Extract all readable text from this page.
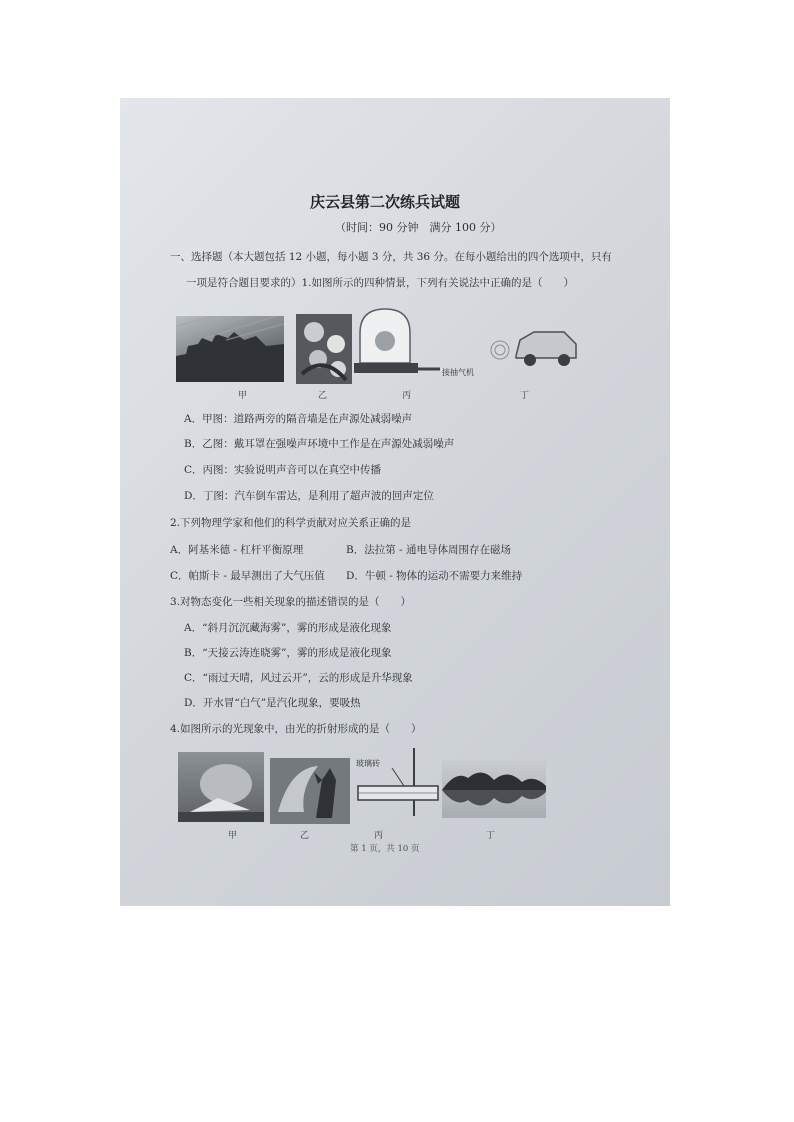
庆云县第二次练兵试题
（时间：90 分钟　满分 100 分）
一、选择题（本大题包括 12 小题，每小题 3 分，共 36 分。在每小题给出的四个选项中，只有
一项是符合题目要求的）1.如图所示的四种情景，下列有关说法中正确的是（　　）
接抽气机
甲	乙	丙	丁
A．甲图：道路两旁的隔音墙是在声源处减弱噪声
B．乙图：戴耳罩在强噪声环境中工作是在声源处减弱噪声
C．丙图：实验说明声音可以在真空中传播
D．丁图：汽车倒车雷达，是利用了超声波的回声定位
2.下列物理学家和他们的科学贡献对应关系正确的是
A．阿基米德 - 杠杆平衡原理	B．法拉第 - 通电导体周围存在磁场
C．帕斯卡 - 最早测出了大气压值 D．牛顿 - 物体的运动不需要力来维持
3.对物态变化一些相关现象的描述错误的是（　　）
A．“斜月沉沉藏海雾”，雾的形成是液化现象
B．“天接云涛连晓雾”，雾的形成是液化现象
C．“雨过天晴，风过云开”，云的形成是升华现象
D．开水冒“白气”是汽化现象，要吸热
4.如图所示的光现象中，由光的折射形成的是（　　）
玻璃砖
甲	乙	丙	丁
第 1 页，共 10 页
